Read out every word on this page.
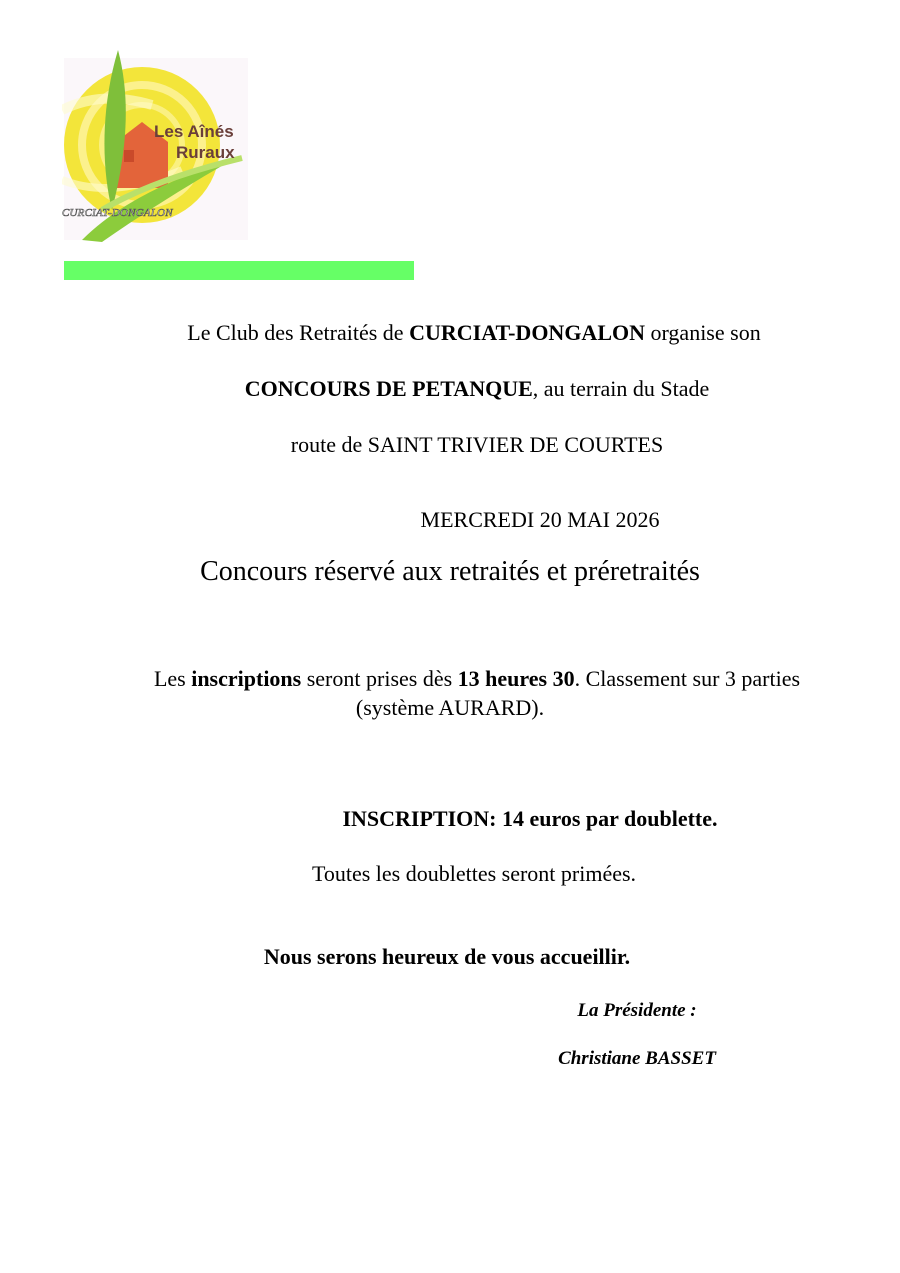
Les Aînés
Ruraux
CURCIAT-DONGALON
Le Club des Retraités de CURCIAT-DONGALON organise son
CONCOURS DE PETANQUE, au terrain du Stade
route de SAINT TRIVIER DE COURTES
MERCREDI 20 MAI 2026
Concours réservé aux retraités et préretraités
Les inscriptions seront prises dès 13 heures 30. Classement sur 3 parties
(système AURARD).
INSCRIPTION: 14 euros par doublette.
Toutes les doublettes seront primées.
Nous serons heureux de vous accueillir.
La Présidente :
Christiane BASSET
